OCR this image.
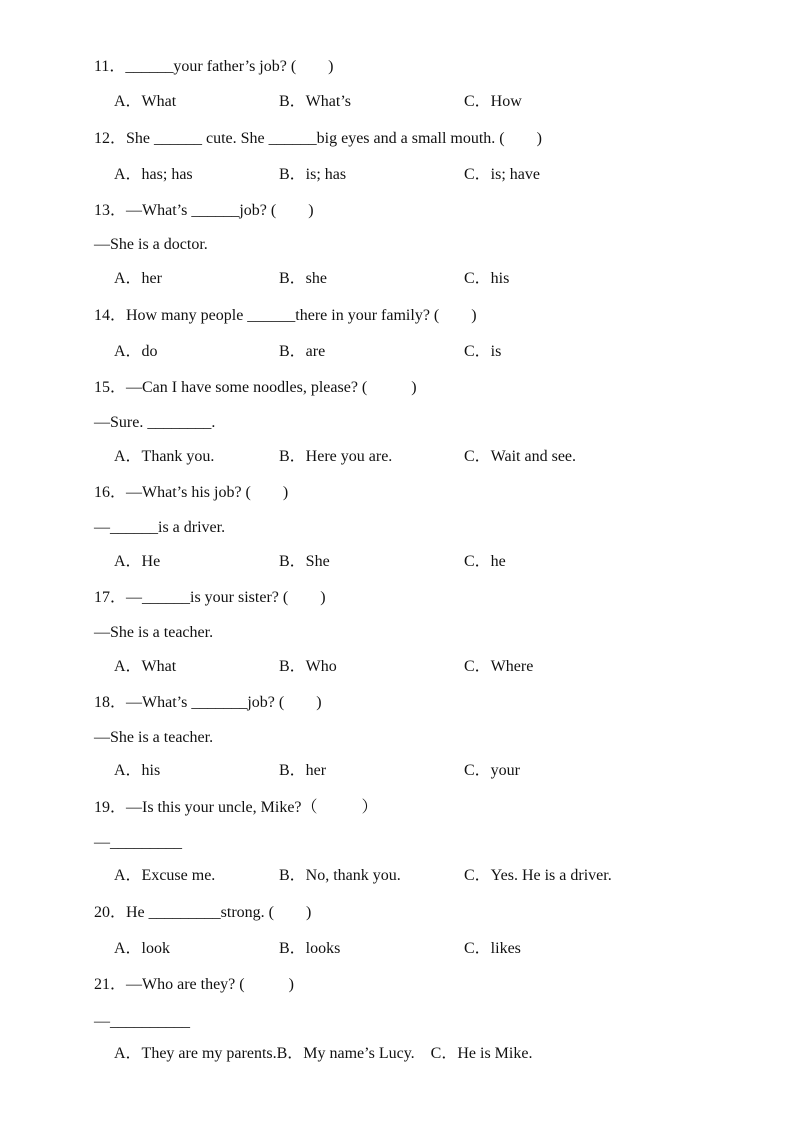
11．______your father’s job? (        )
A．What	B．What’s	C．How
12．She ______ cute. She ______big eyes and a small mouth. (        )
A．has; has	B．is; has	C．is; have
13．—What’s ______job? (        )
—She is a doctor.
A．her	B．she	C．his
14．How many people ______there in your family? (        )
A．do	B．are	C．is
15．—Can I have some noodles, please? (           )
—Sure. ________.
A．Thank you.	B．Here you are.	C．Wait and see.
16．—What’s his job? (        )
—______is a driver.
A．He	B．She	C．he
17．—______is your sister? (        )
—She is a teacher.
A．What	B．Who	C．Where
18．—What’s _______job? (        )
—She is a teacher.
A．his	B．her	C．your
19．—Is this your uncle, Mike?（           ）
—_________
A．Excuse me.	B．No, thank you.	C．Yes. He is a driver.
20．He _________strong. (        )
A．look	B．looks	C．likes
21．—Who are they? (           )
—__________
A．They are my parents.B．My name’s Lucy.    C．He is Mike.
